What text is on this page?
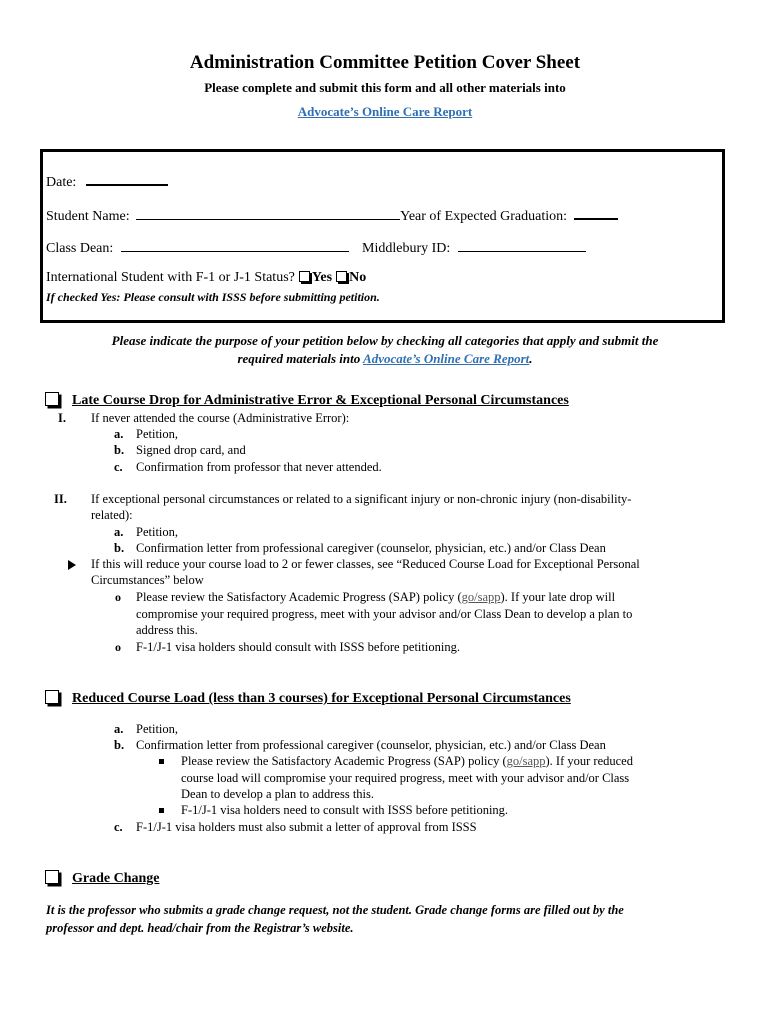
Administration Committee Petition Cover Sheet
Please complete and submit this form and all other materials into
Advocate’s Online Care Report
Date:
Student Name:	Year of Expected Graduation:
Class Dean:	Middlebury ID:
International Student with F-1 or J-1 Status? Yes No
If checked Yes: Please consult with ISSS before submitting petition.
Please indicate the purpose of your petition below by checking all categories that apply and submit the
required materials into Advocate’s Online Care Report.
Late Course Drop for Administrative Error & Exceptional Personal Circumstances
I. If never attended the course (Administrative Error):
a. Petition,
b. Signed drop card, and
c. Confirmation from professor that never attended.
II. If exceptional personal circumstances or related to a significant injury or non-chronic injury (non-disability-
related):
a. Petition,
b. Confirmation letter from professional caregiver (counselor, physician, etc.) and/or Class Dean
If this will reduce your course load to 2 or fewer classes, see “Reduced Course Load for Exceptional Personal
Circumstances” below
o Please review the Satisfactory Academic Progress (SAP) policy (go/sapp). If your late drop will
compromise your required progress, meet with your advisor and/or Class Dean to develop a plan to
address this.
o F-1/J-1 visa holders should consult with ISSS before petitioning.
Reduced Course Load (less than 3 courses) for Exceptional Personal Circumstances
a. Petition,
b. Confirmation letter from professional caregiver (counselor, physician, etc.) and/or Class Dean
Please review the Satisfactory Academic Progress (SAP) policy (go/sapp). If your reduced
course load will compromise your required progress, meet with your advisor and/or Class
Dean to develop a plan to address this.
F-1/J-1 visa holders need to consult with ISSS before petitioning.
c. F-1/J-1 visa holders must also submit a letter of approval from ISSS
Grade Change
It is the professor who submits a grade change request, not the student. Grade change forms are filled out by the
professor and dept. head/chair from the Registrar’s website.
